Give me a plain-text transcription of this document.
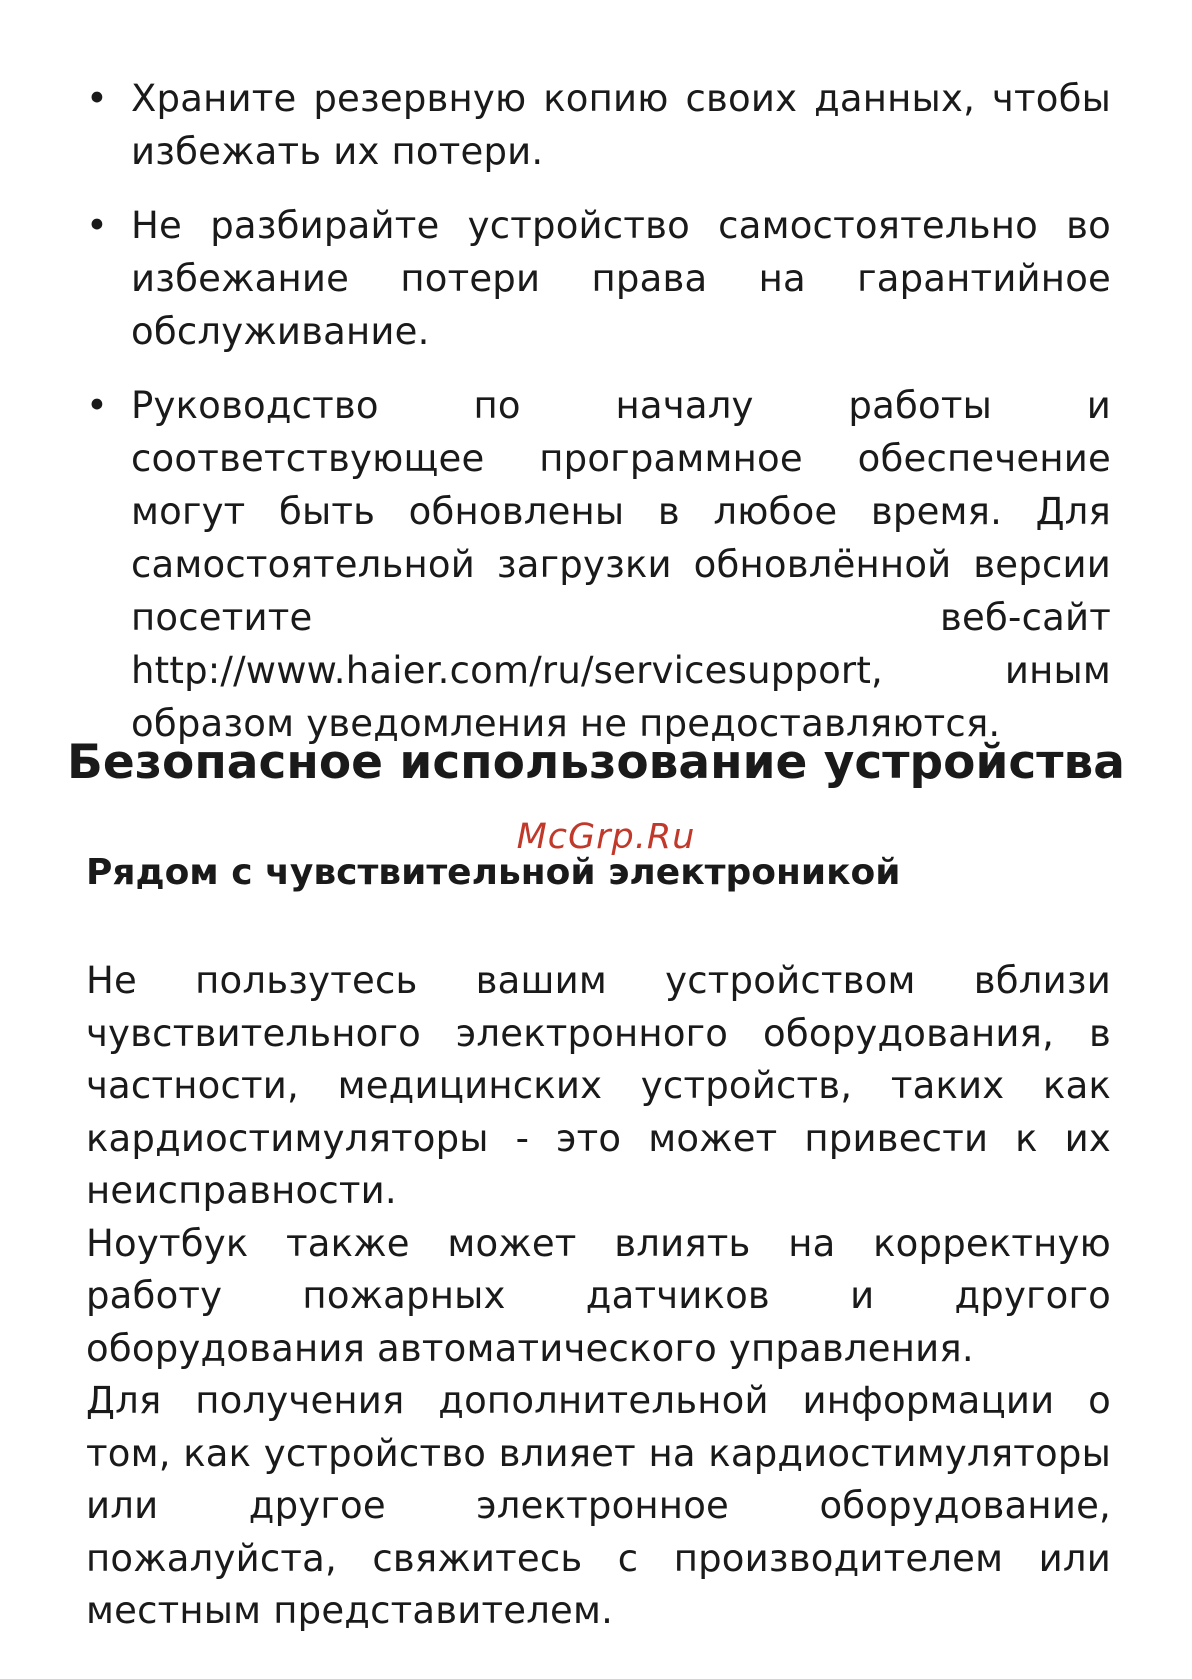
• Храните резервную копию своих данных, чтобы избежать их потери.
• Не разбирайте устройство самостоятельно во избежание потери права на гарантийное обслуживание.
• Руководство по началу работы и соответствующее программное обеспечение могут быть обновлены в любое время. Для самостоятельной загрузки обновлённой версии посетите веб-сайт http://www.haier.com/ru/servicesupport, иным образом уведомления не предоставляются.
Безопасное использование устройства
McGrp.Ru
Рядом с чувствительной электроникой

Не пользутесь вашим устройством вблизи чувствительного электронного оборудования, в частности, медицинских устройств, таких как кардиостимуляторы - это может привести к их неисправности.

Ноутбук также может влиять на корректную работу пожарных датчиков и другого оборудования автоматического управления.

Для получения дополнительной информации о том, как устройство влияет на кардиостимуляторы или другое электронное оборудование, пожалуйста, свяжитесь с производителем или местным представителем.
